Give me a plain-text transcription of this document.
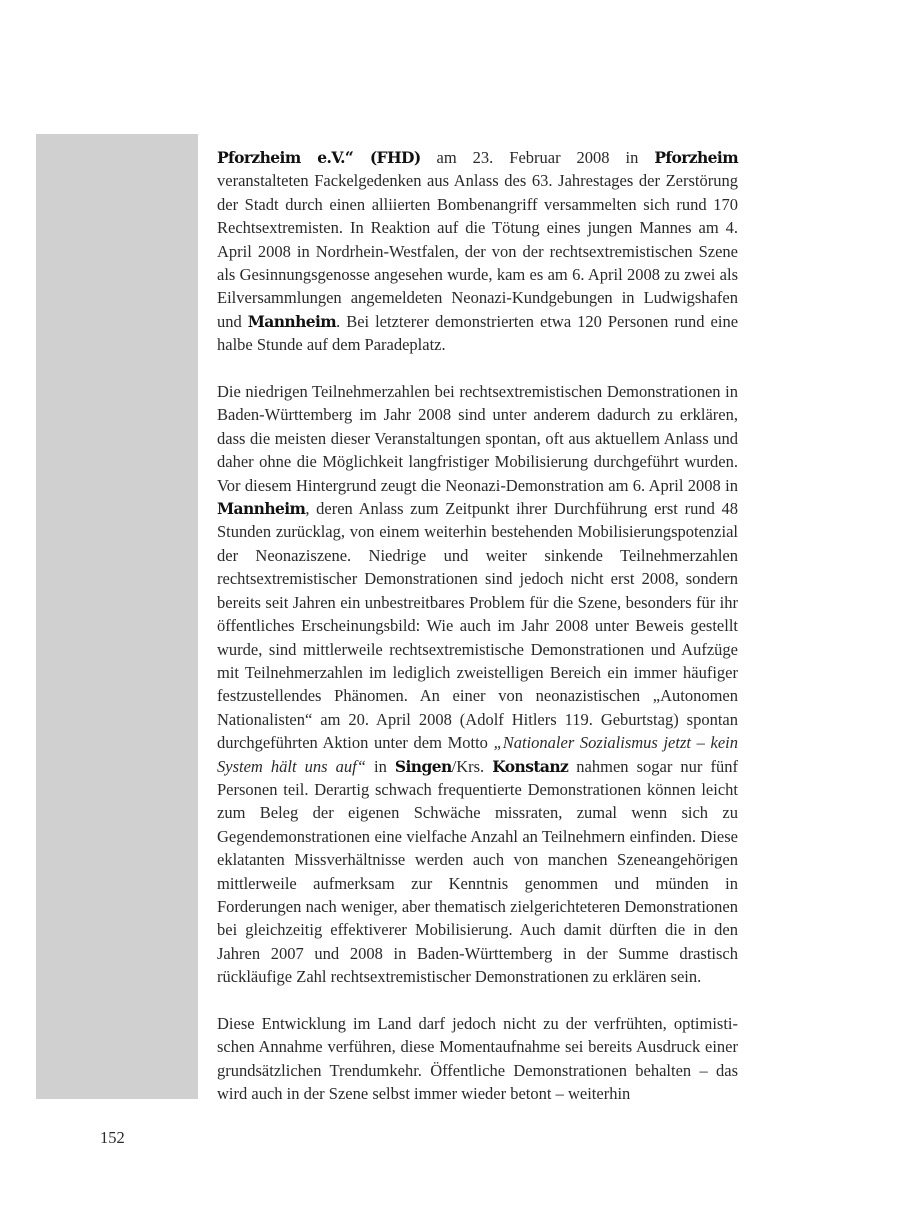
Pforzheim e.V.“ (FHD) am 23. Februar 2008 in Pforzheim veranstalteten Fackelgedenken aus Anlass des 63. Jahrestages der Zerstörung der Stadt durch einen alliierten Bombenangriff versammelten sich rund 170 Rechtsextremisten. In Reaktion auf die Tötung eines jungen Mannes am 4. April 2008 in Nordrhein-Westfalen, der von der rechtsextremistischen Szene als Gesinnungsgenosse angesehen wurde, kam es am 6. April 2008 zu zwei als Eilversammlungen angemeldeten Neonazi-Kundgebungen in Ludwigshafen und Mannheim. Bei letzterer demonstrierten etwa 120 Personen rund eine halbe Stunde auf dem Paradeplatz.

Die niedrigen Teilnehmerzahlen bei rechtsextremistischen Demonstrationen in Baden-Württemberg im Jahr 2008 sind unter anderem dadurch zu erklären, dass die meisten dieser Veranstaltungen spontan, oft aus aktuellem Anlass und daher ohne die Möglichkeit langfristiger Mobilisierung durchgeführt wurden. Vor diesem Hintergrund zeugt die Neonazi-Demonstration am 6. April 2008 in Mannheim, deren Anlass zum Zeitpunkt ihrer Durchführung erst rund 48 Stunden zurücklag, von einem weiterhin bestehenden Mobilisierungspotenzial der Neonaziszene. Niedrige und weiter sinkende Teilnehmerzahlen rechtsextremistischer Demonstrationen sind jedoch nicht erst 2008, sondern bereits seit Jahren ein unbestreitbares Problem für die Szene, besonders für ihr öffentliches Erscheinungsbild: Wie auch im Jahr 2008 unter Beweis gestellt wurde, sind mittlerweile rechtsextremistische Demonstrationen und Aufzüge mit Teilnehmerzahlen im lediglich zweistelligen Bereich ein immer häufiger festzustellendes Phänomen. An einer von neonazistischen „Autonomen Nationalisten“ am 20. April 2008 (Adolf Hitlers 119. Geburtstag) spontan durchgeführten Aktion unter dem Motto „Nationaler Sozialismus jetzt – kein System hält uns auf“ in Singen/Krs. Konstanz nahmen sogar nur fünf Personen teil. Derartig schwach frequentierte Demonstrationen können leicht zum Beleg der eigenen Schwäche missraten, zumal wenn sich zu Gegendemonstrationen eine vielfache Anzahl an Teilnehmern einfinden. Diese eklatanten Missverhältnisse werden auch von manchen Szeneangehörigen mittlerweile aufmerksam zur Kenntnis genommen und münden in Forderungen nach weniger, aber thematisch zielgerichteteren Demonstrationen bei gleichzeitig effektiverer Mobilisierung. Auch damit dürften die in den Jahren 2007 und 2008 in Baden-Württemberg in der Summe drastisch rückläufige Zahl rechtsextremistischer Demonstrationen zu erklären sein.

Diese Entwicklung im Land darf jedoch nicht zu der verfrühten, optimistischen Annahme verführen, diese Momentaufnahme sei bereits Ausdruck einer grundsätzlichen Trendumkehr. Öffentliche Demonstrationen behalten – das wird auch in der Szene selbst immer wieder betont – weiterhin

152
